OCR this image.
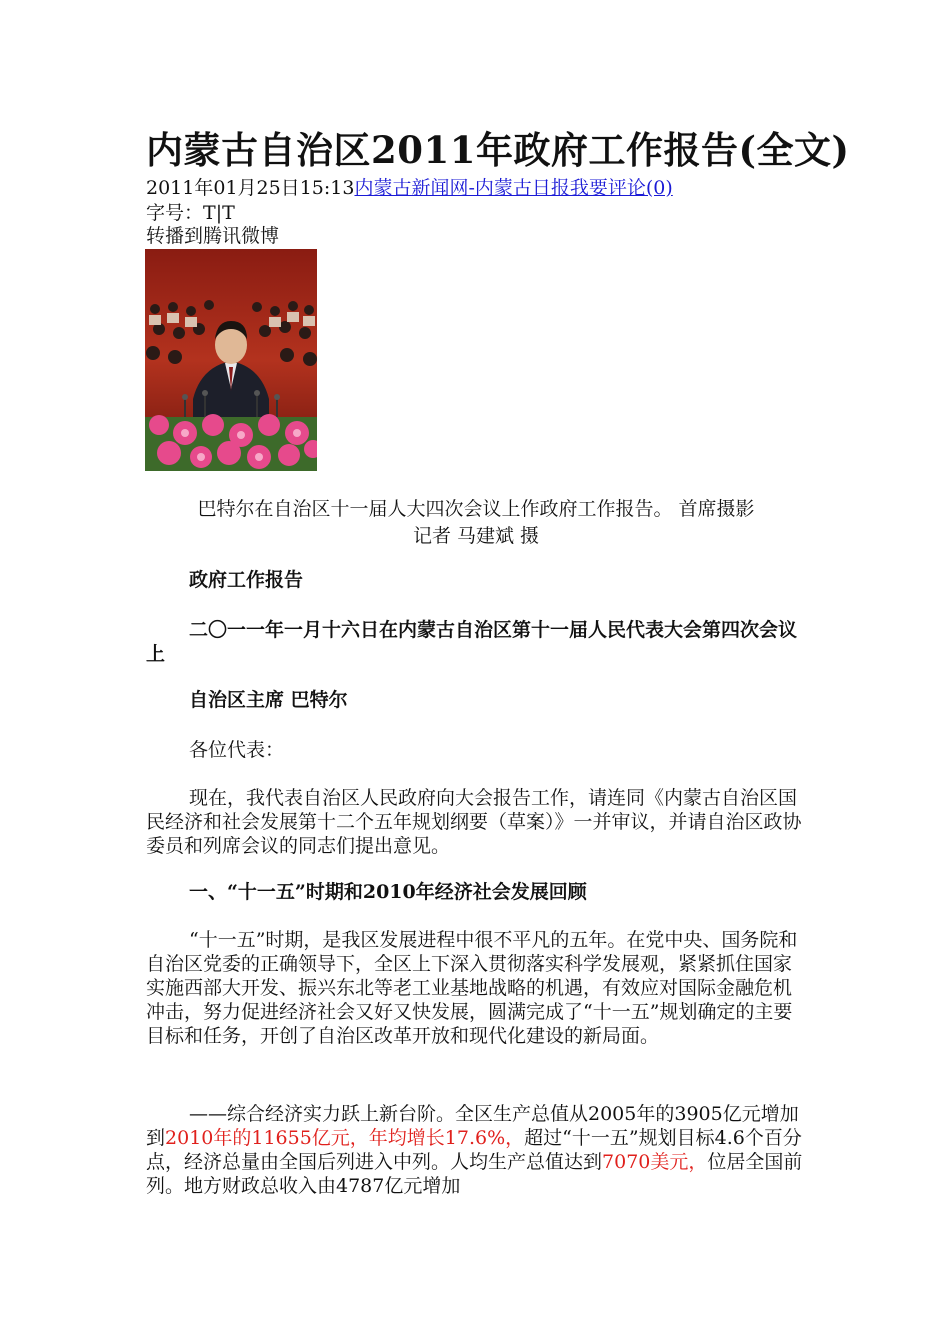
内蒙古自治区2011年政府工作报告(全文)
2011年01月25日15:13内蒙古新闻网-内蒙古日报我要评论(0)
字号：T|T
转播到腾讯微博
巴特尔在自治区十一届人大四次会议上作政府工作报告。 首席摄影
记者 马建斌 摄
政府工作报告
二〇一一年一月十六日在内蒙古自治区第十一届人民代表大会第四次会议上
自治区主席 巴特尔
各位代表：
现在，我代表自治区人民政府向大会报告工作，请连同《内蒙古自治区国民经济和社会发展第十二个五年规划纲要（草案）》一并审议，并请自治区政协委员和列席会议的同志们提出意见。
一、“十一五”时期和2010年经济社会发展回顾
“十一五”时期，是我区发展进程中很不平凡的五年。在党中央、国务院和自治区党委的正确领导下，全区上下深入贯彻落实科学发展观，紧紧抓住国家实施西部大开发、振兴东北等老工业基地战略的机遇，有效应对国际金融危机冲击，努力促进经济社会又好又快发展，圆满完成了“十一五”规划确定的主要目标和任务，开创了自治区改革开放和现代化建设的新局面。
——综合经济实力跃上新台阶。全区生产总值从2005年的3905亿元增加到2010年的11655亿元，年均增长17.6%，超过“十一五”规划目标4.6个百分点，经济总量由全国后列进入中列。人均生产总值达到7070美元，位居全国前列。地方财政总收入由4787亿元增加
